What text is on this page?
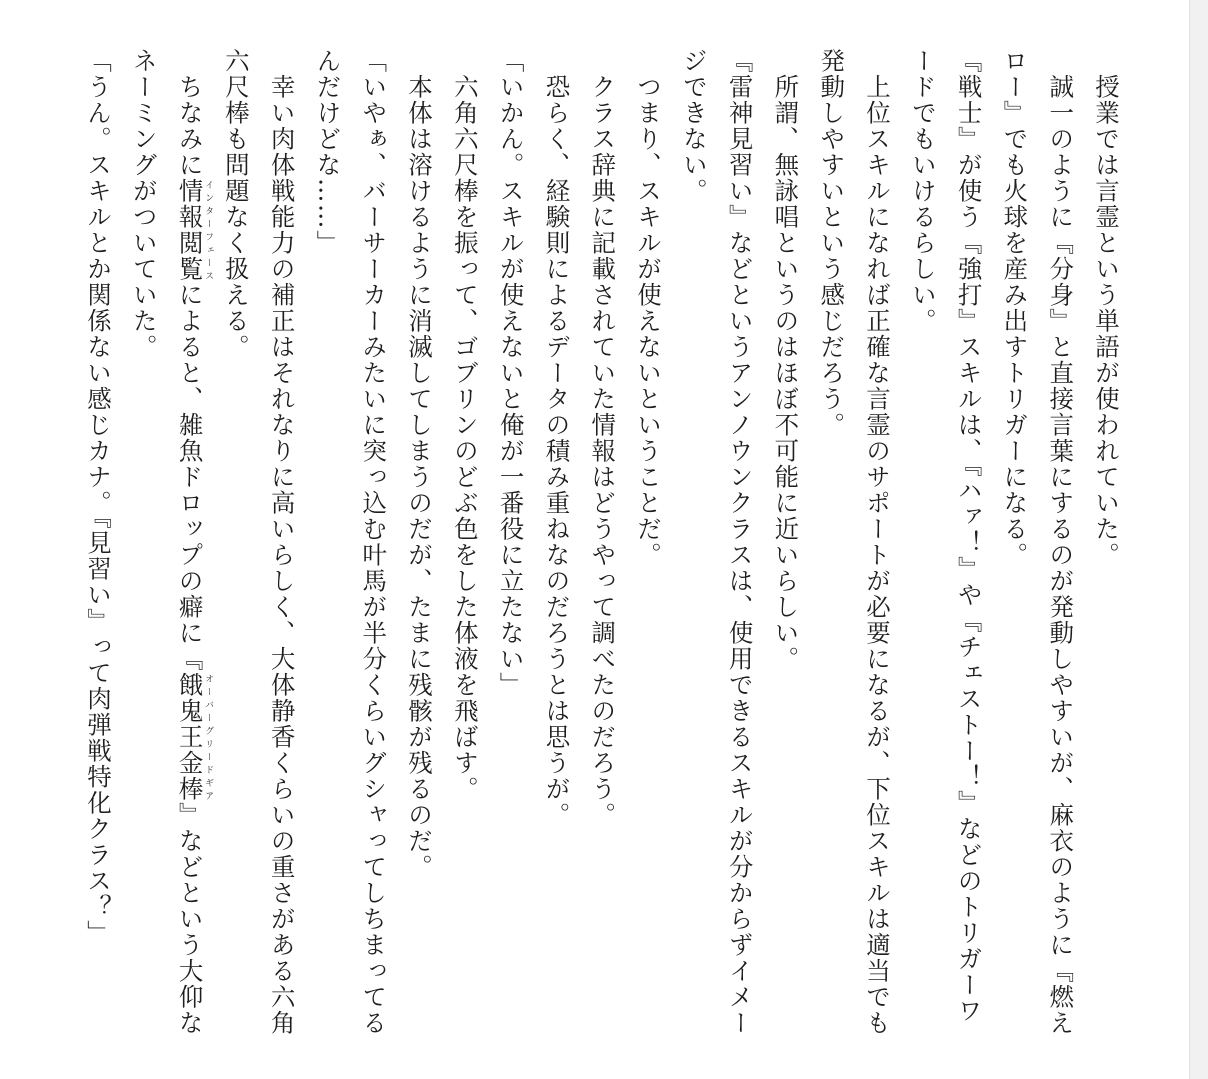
　授業では言霊という単語が使われていた。

　誠一のように『分身』と直接言葉にするのが発動しやすいが、麻衣のように『燃えロー』でも火球を産み出すトリガーになる。

『戦士』が使う『強打』スキルは、『ハァ！』や『チェストー！』などのトリガーワードでもいけるらしい。

　上位スキルになれば正確な言霊のサポートが必要になるが、下位スキルは適当でも発動しやすいという感じだろう。

　所謂、無詠唱というのはほぼ不可能に近いらしい。

『雷神見習い』などというアンノウンクラスは、使用できるスキルが分からずイメージできない。

　つまり、スキルが使えないということだ。

　クラス辞典に記載されていた情報はどうやって調べたのだろう。

　恐らく、経験則によるデータの積み重ねなのだろうとは思うが。

「いかん。スキルが使えないと俺が一番役に立たない」

　六角六尺棒を振って、ゴブリンのどぶ色をした体液を飛ばす。

　本体は溶けるように消滅してしまうのだが、たまに残骸が残るのだ。

「いやぁ、バーサーカーみたいに突っ込む叶馬が半分くらいグシャってしちまってるんだけどな……」

　幸い肉体戦能力の補正はそれなりに高いらしく、大体静香くらいの重さがある六角六尺棒も問題なく扱える。

　ちなみに情報閲覧インターフェースによると、雑魚ドロップの癖に『餓鬼王金棒オーバーグリードギア』などという大仰なネーミングがついていた。

「うん。スキルとか関係ない感じカナ。『見習い』って肉弾戦特化クラス？」
